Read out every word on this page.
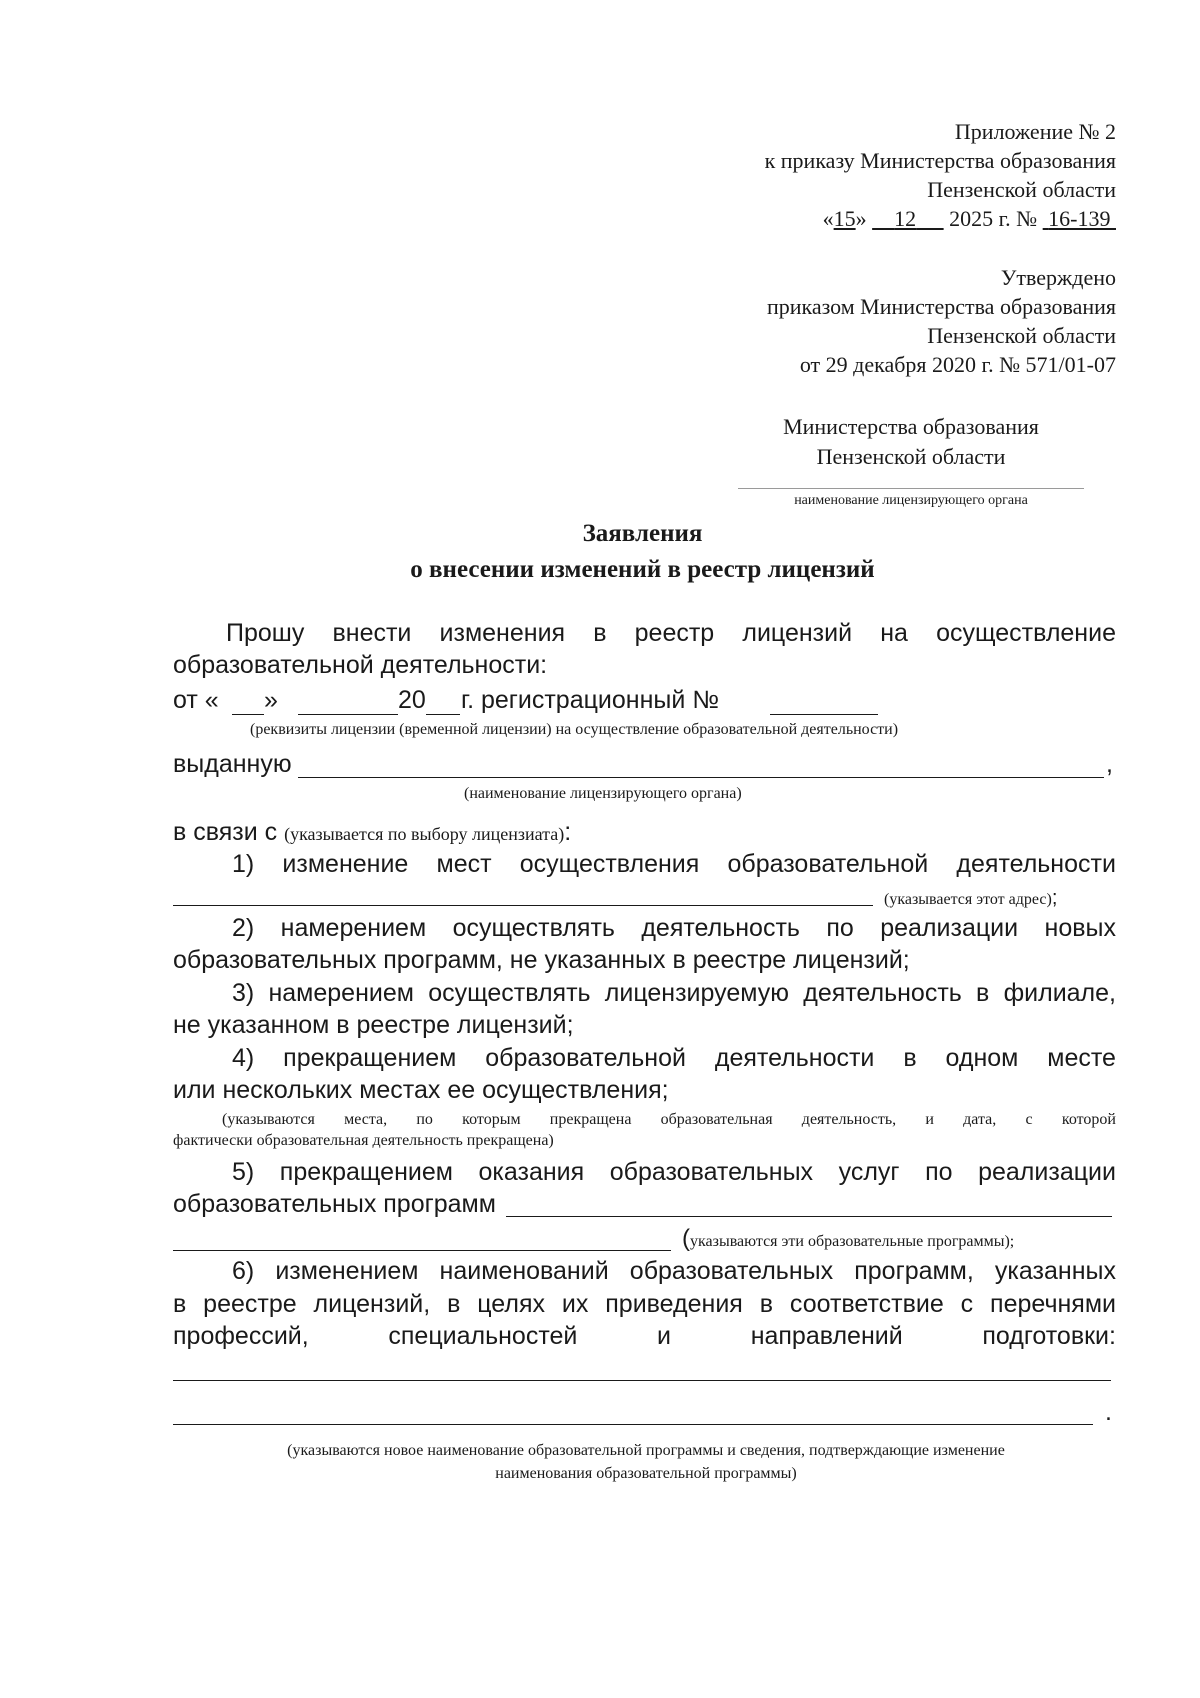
Приложение № 2
к приказу Министерства образования
Пензенской области
«15» 12 2025 г. № 16-139
Утверждено
приказом Министерства образования
Пензенской области
от 29 декабря 2020 г. № 571/01-07
Министерства образования
Пензенской области
наименование лицензирующего органа
Заявления
о внесении изменений в реестр лицензий
Прошу внести изменения в реестр лицензий на осуществление
образовательной деятельности:
от « »	20 г. регистрационный №
(реквизиты лицензии (временной лицензии) на осуществление образовательной деятельности)
выданную	,
(наименование лицензирующего органа)
в связи с (указывается по выбору лицензиата):
1) изменение мест осуществления образовательной деятельности
(указывается этот адрес);
2) намерением осуществлять деятельность по реализации новых
образовательных программ, не указанных в реестре лицензий;
3) намерением осуществлять лицензируемую деятельность в филиале,
не указанном в реестре лицензий;
4) прекращением образовательной деятельности в одном месте
или нескольких местах ее осуществления;
(указываются места, по которым прекращена образовательная деятельность, и дата, с которой
фактически образовательная деятельность прекращена)
5) прекращением оказания образовательных услуг по реализации
образовательных программ
(указываются эти образовательные программы);
6) изменением наименований образовательных программ, указанных
в реестре лицензий, в целях их приведения в соответствие с перечнями
профессий,	специальностей	и	направлений	подготовки:
.
(указываются новое наименование образовательной программы и сведения, подтверждающие изменение
наименования образовательной программы)
